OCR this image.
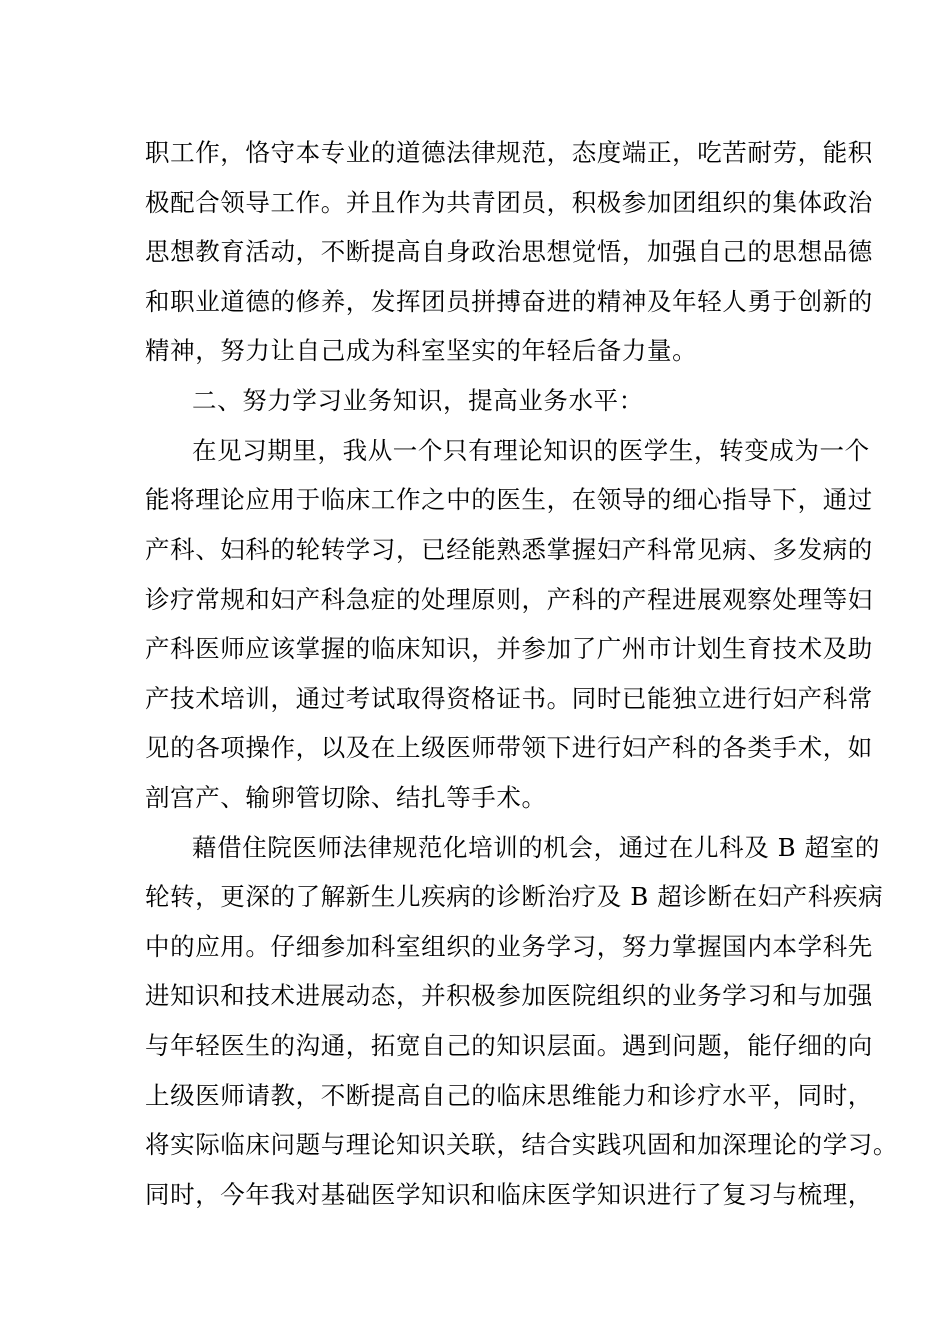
职工作，恪守本专业的道德法律规范，态度端正，吃苦耐劳，能积
极配合领导工作。并且作为共青团员，积极参加团组织的集体政治
思想教育活动，不断提高自身政治思想觉悟，加强自己的思想品德
和职业道德的修养，发挥团员拼搏奋进的精神及年轻人勇于创新的
精神，努力让自己成为科室坚实的年轻后备力量。
二、努力学习业务知识，提高业务水平：
在见习期里，我从一个只有理论知识的医学生，转变成为一个
能将理论应用于临床工作之中的医生，在领导的细心指导下，通过
产科、妇科的轮转学习，已经能熟悉掌握妇产科常见病、多发病的
诊疗常规和妇产科急症的处理原则，产科的产程进展观察处理等妇
产科医师应该掌握的临床知识，并参加了广州市计划生育技术及助
产技术培训，通过考试取得资格证书。同时已能独立进行妇产科常
见的各项操作，以及在上级医师带领下进行妇产科的各类手术，如
剖宫产、输卵管切除、结扎等手术。
藉借住院医师法律规范化培训的机会，通过在儿科及 B 超室的
轮转，更深的了解新生儿疾病的诊断治疗及 B 超诊断在妇产科疾病
中的应用。仔细参加科室组织的业务学习，努力掌握国内本学科先
进知识和技术进展动态，并积极参加医院组织的业务学习和与加强
与年轻医生的沟通，拓宽自己的知识层面。遇到问题，能仔细的向
上级医师请教，不断提高自己的临床思维能力和诊疗水平，同时，
将实际临床问题与理论知识关联，结合实践巩固和加深理论的学习。
同时，今年我对基础医学知识和临床医学知识进行了复习与梳理，
